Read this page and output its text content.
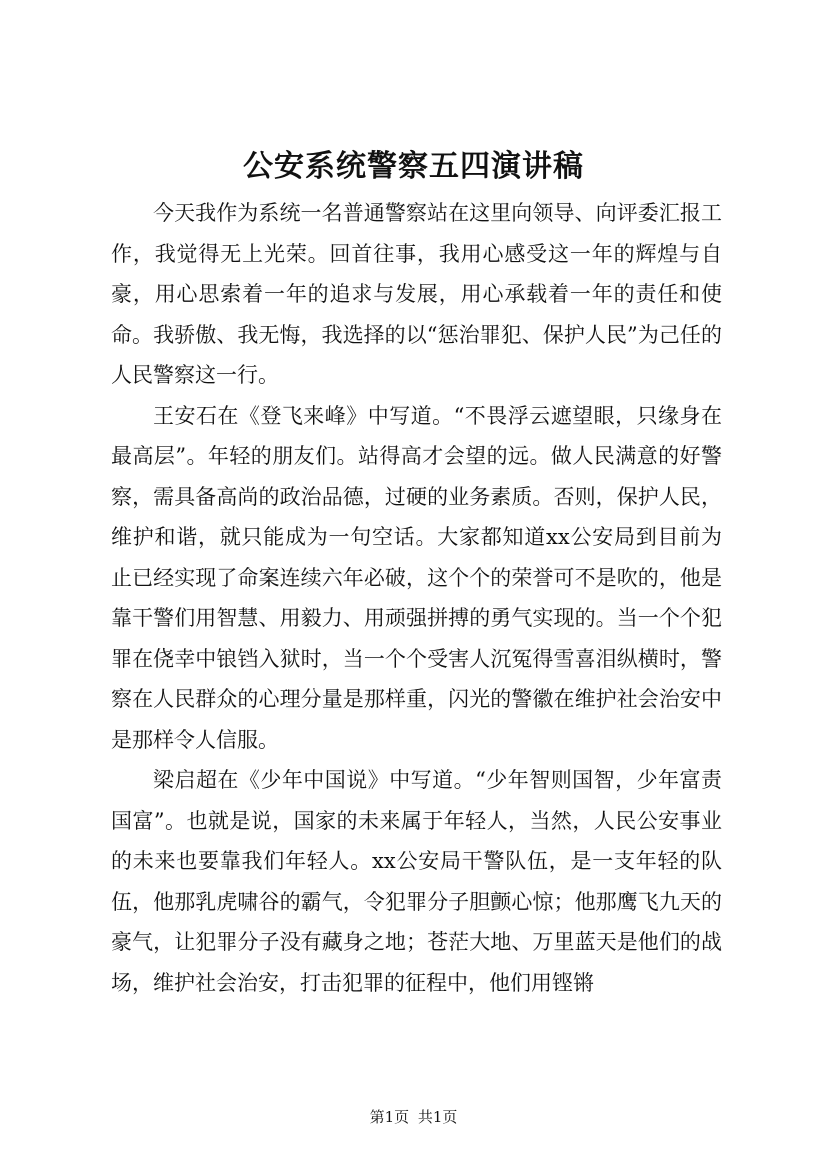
公安系统警察五四演讲稿

今天我作为系统一名普通警察站在这里向领导、向评委汇报工作，我觉得无上光荣。回首往事，我用心感受这一年的辉煌与自豪，用心思索着一年的追求与发展，用心承载着一年的责任和使命。我骄傲、我无悔，我选择的以“惩治罪犯、保护人民”为己任的人民警察这一行。

王安石在《登飞来峰》中写道。“不畏浮云遮望眼，只缘身在最高层”。年轻的朋友们。站得高才会望的远。做人民满意的好警察，需具备高尚的政治品德，过硬的业务素质。否则，保护人民，维护和谐，就只能成为一句空话。大家都知道xx公安局到目前为止已经实现了命案连续六年必破，这个个的荣誉可不是吹的，他是靠干警们用智慧、用毅力、用顽强拼搏的勇气实现的。当一个个犯罪在侥幸中锒铛入狱时，当一个个受害人沉冤得雪喜泪纵横时，警察在人民群众的心理分量是那样重，闪光的警徽在维护社会治安中是那样令人信服。

梁启超在《少年中国说》中写道。“少年智则国智，少年富责国富”。也就是说，国家的未来属于年轻人，当然，人民公安事业的未来也要靠我们年轻人。xx公安局干警队伍，是一支年轻的队伍，他那乳虎啸谷的霸气，令犯罪分子胆颤心惊；他那鹰飞九天的豪气，让犯罪分子没有藏身之地；苍茫大地、万里蓝天是他们的战场，维护社会治安，打击犯罪的征程中，他们用铿锵

第1页 共1页
